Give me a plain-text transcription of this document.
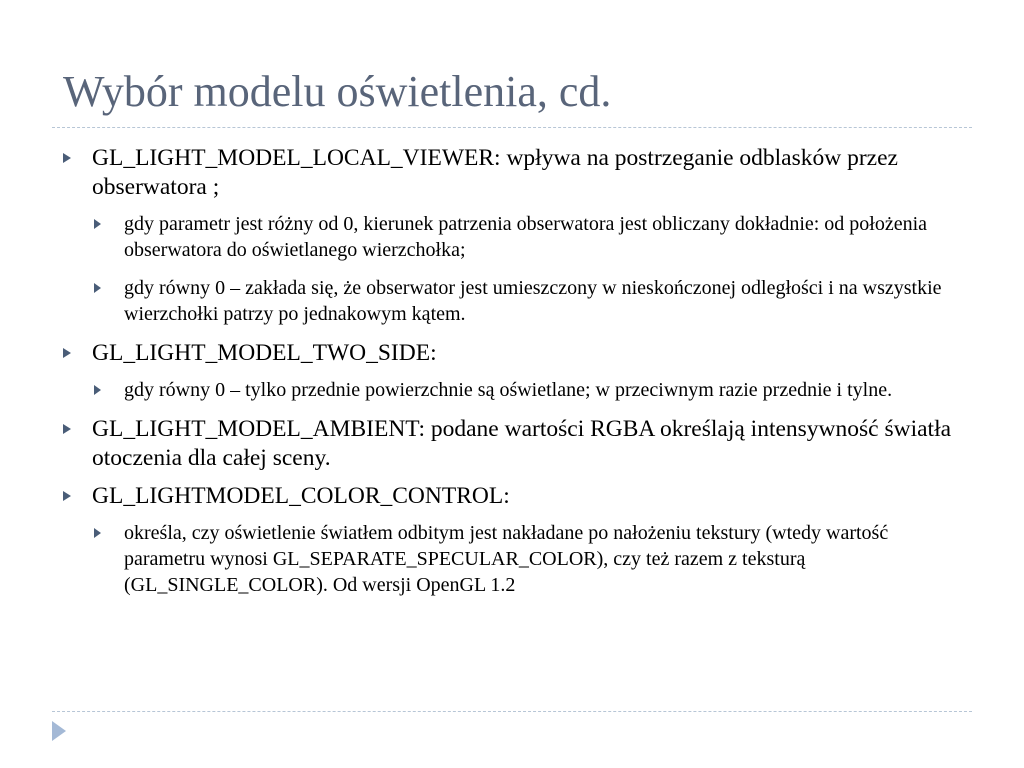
Wybór modelu oświetlenia, cd.
GL_LIGHT_MODEL_LOCAL_VIEWER: wpływa na postrzeganie odblasków przez obserwatora ;
gdy parametr jest różny od 0, kierunek patrzenia obserwatora jest obliczany dokładnie: od położenia obserwatora do oświetlanego wierzchołka;
gdy równy 0 – zakłada się, że obserwator jest umieszczony w nieskończonej odległości i na wszystkie wierzchołki patrzy po jednakowym kątem.
GL_LIGHT_MODEL_TWO_SIDE:
gdy równy 0 – tylko przednie powierzchnie są oświetlane; w przeciwnym razie przednie i tylne.
GL_LIGHT_MODEL_AMBIENT: podane wartości RGBA określają intensywność światła otoczenia dla całej sceny.
GL_LIGHTMODEL_COLOR_CONTROL:
określa, czy oświetlenie światłem odbitym jest nakładane po nałożeniu tekstury (wtedy wartość parametru wynosi GL_SEPARATE_SPECULAR_COLOR), czy też razem z teksturą (GL_SINGLE_COLOR). Od wersji OpenGL 1.2
